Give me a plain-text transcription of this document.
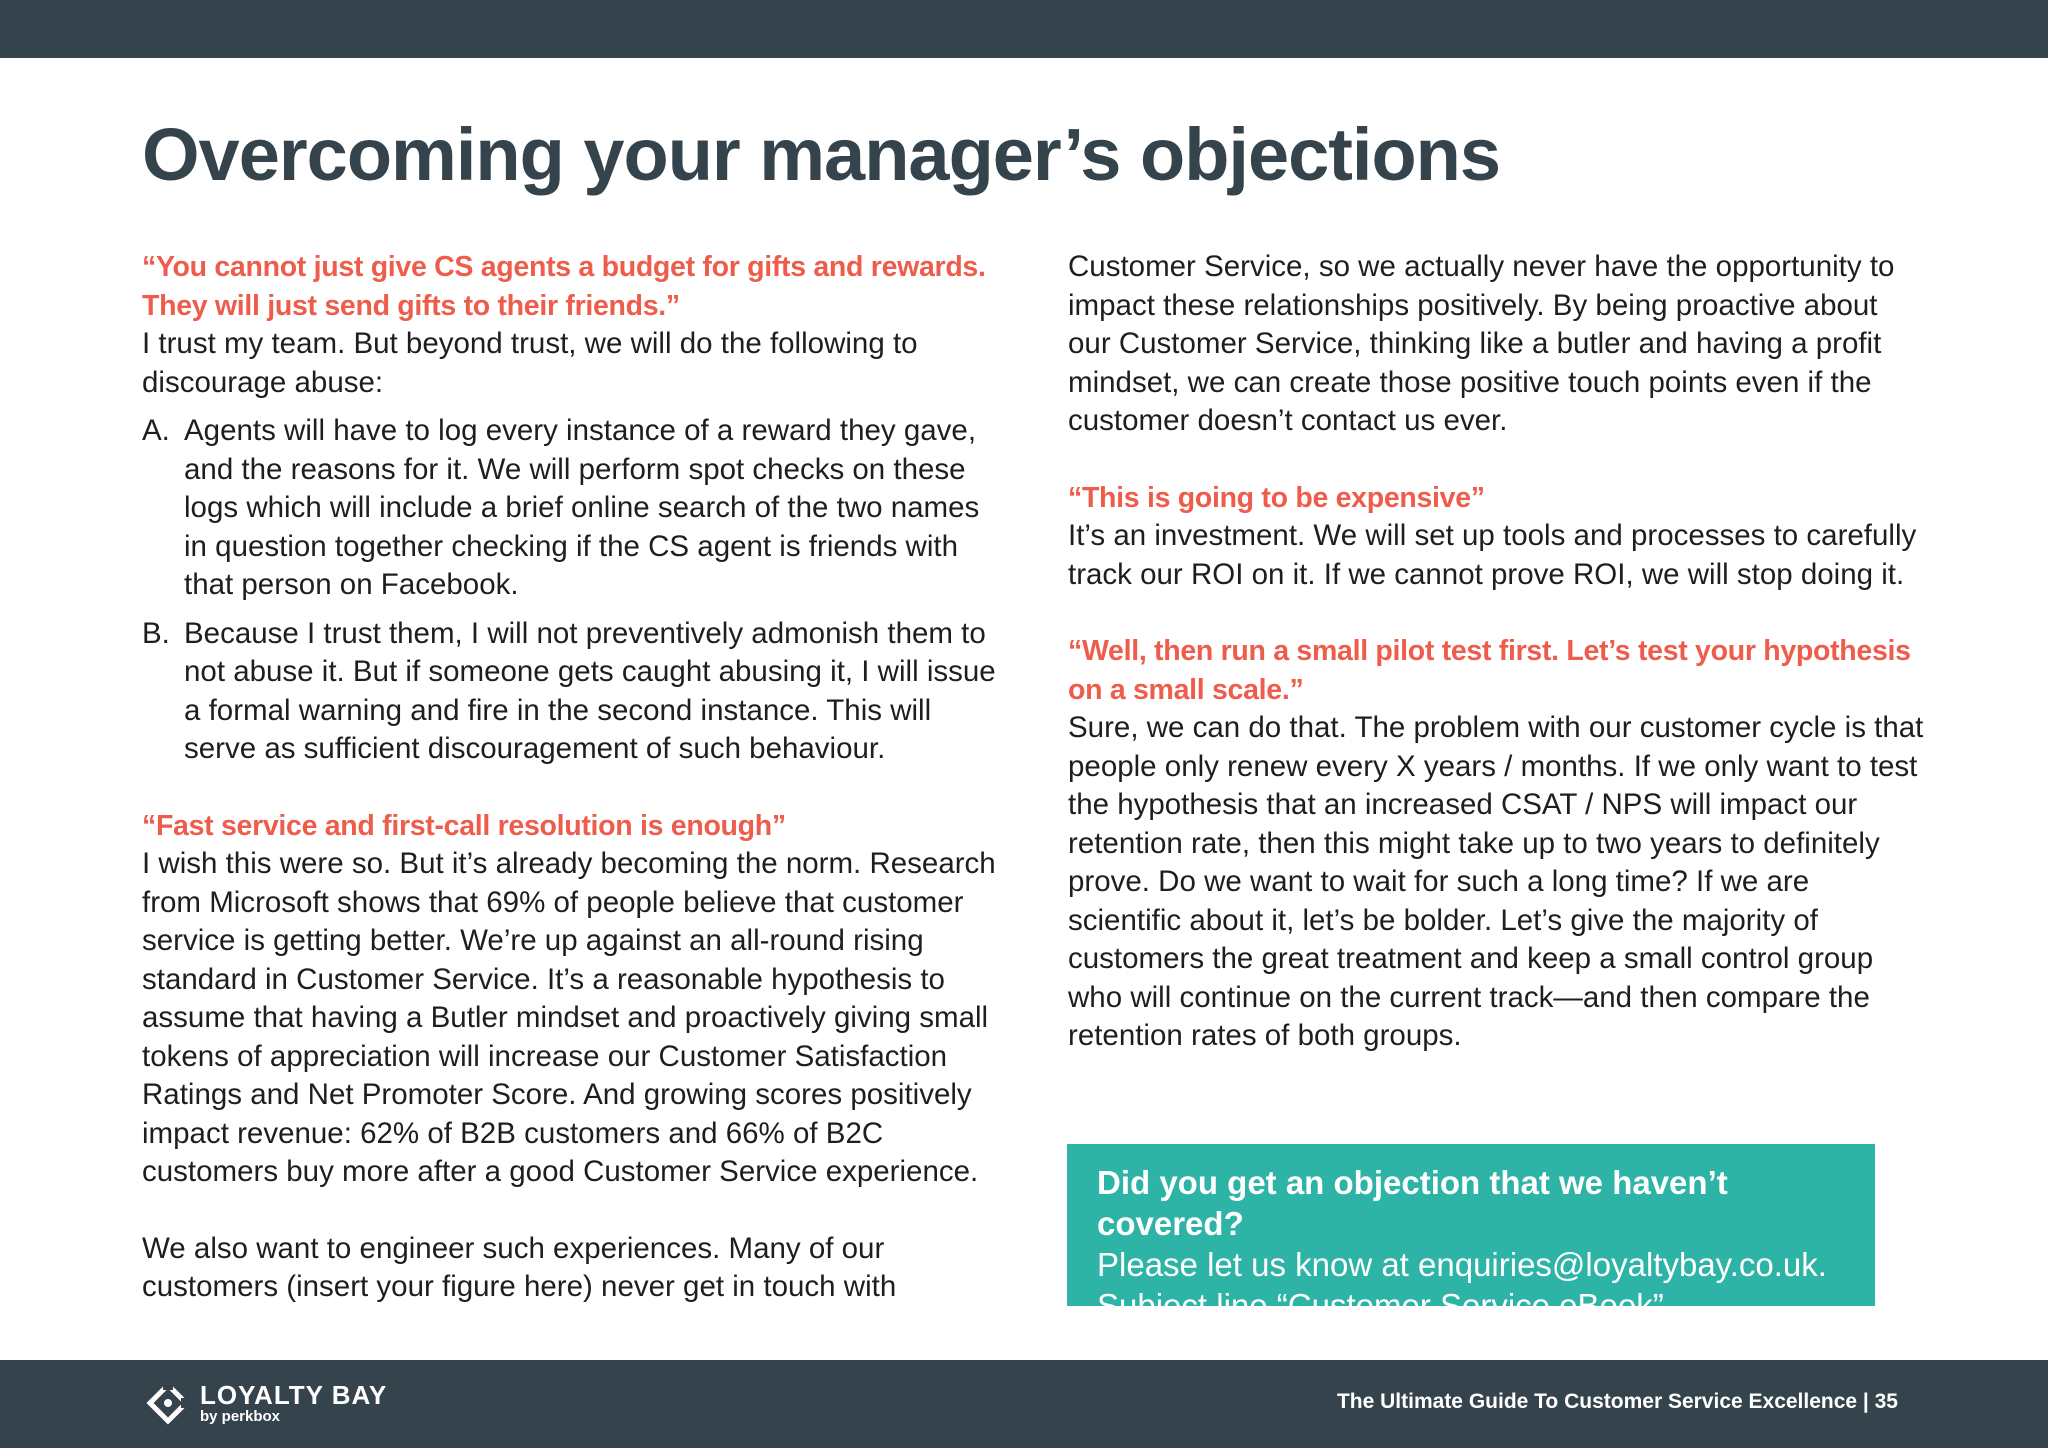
Overcoming your manager’s objections

“You cannot just give CS agents a budget for gifts and rewards. They will just send gifts to their friends.”

I trust my team. But beyond trust, we will do the following to discourage abuse:

A. Agents will have to log every instance of a reward they gave, and the reasons for it. We will perform spot checks on these logs which will include a brief online search of the two names in question together checking if the CS agent is friends with that person on Facebook.
B. Because I trust them, I will not preventively admonish them to not abuse it. But if someone gets caught abusing it, I will issue a formal warning and fire in the second instance. This will serve as sufficient discouragement of such behaviour.

“Fast service and first-call resolution is enough”

I wish this were so. But it’s already becoming the norm. Research from Microsoft shows that 69% of people believe that customer service is getting better. We’re up against an all-round rising standard in Customer Service. It’s a reasonable hypothesis to assume that having a Butler mindset and proactively giving small tokens of appreciation will increase our Customer Satisfaction Ratings and Net Promoter Score. And growing scores positively impact revenue: 62% of B2B customers and 66% of B2C customers buy more after a good Customer Service experience.

We also want to engineer such experiences. Many of our customers (insert your figure here) never get in touch with

Customer Service, so we actually never have the opportunity to impact these relationships positively. By being proactive about our Customer Service, thinking like a butler and having a profit mindset, we can create those positive touch points even if the customer doesn’t contact us ever.

“This is going to be expensive”

It’s an investment. We will set up tools and processes to carefully track our ROI on it. If we cannot prove ROI, we will stop doing it.

“Well, then run a small pilot test first. Let’s test your hypothesis on a small scale.”

Sure, we can do that. The problem with our customer cycle is that people only renew every X years / months. If we only want to test the hypothesis that an increased CSAT / NPS will impact our retention rate, then this might take up to two years to definitely prove. Do we want to wait for such a long time? If we are scientific about it, let’s be bolder. Let’s give the majority of customers the great treatment and keep a small control group who will continue on the current track—and then compare the retention rates of both groups.

Did you get an objection that we haven’t covered?

Please let us know at enquiries@loyaltybay.co.uk.

Subject line “Customer Service eBook”.

LOYALTY BAY
by perkbox
The Ultimate Guide To Customer Service Excellence | 35
